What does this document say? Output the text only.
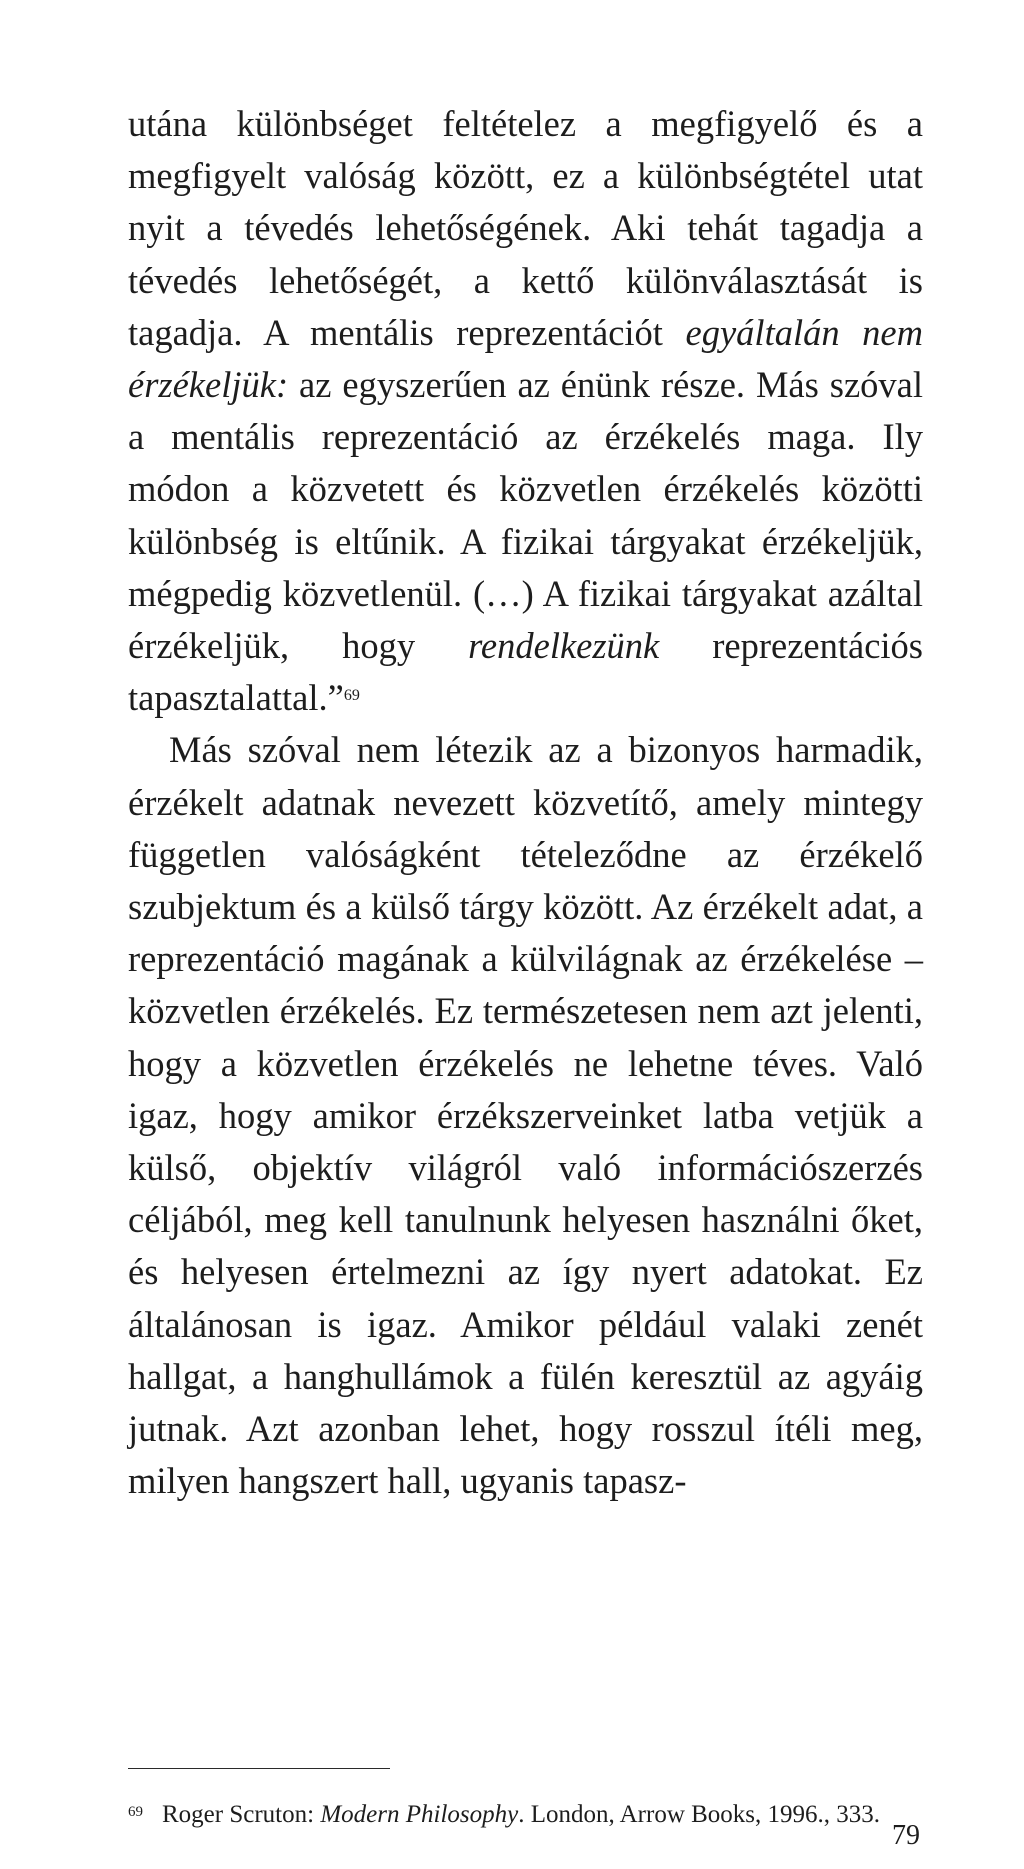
utána különbséget feltételez a megfigyelő és a megfigyelt valóság között, ez a különbségtétel utat nyit a tévedés lehetőségének. Aki tehát tagadja a tévedés lehetőségét, a kettő különválasztását is tagadja. A mentális reprezentációt egyáltalán nem érzékeljük: az egyszerűen az énünk része. Más szóval a mentális reprezentáció az érzékelés maga. Ily módon a közvetett és közvetlen érzékelés közötti különbség is eltűnik. A fizikai tárgyakat érzékeljük, mégpedig közvetlenül. (…) A fizikai tárgyakat azáltal érzékeljük, hogy rendelkezünk reprezentációs tapasztalattal.”$^{69}$

Más szóval nem létezik az a bizonyos harmadik, érzékelt adatnak nevezett közvetítő, amely mintegy független valóságként tételeződne az érzékelő szubjektum és a külső tárgy között. Az érzékelt adat, a reprezentáció magának a külvilágnak az érzékelése – közvetlen érzékelés. Ez természetesen nem azt jelenti, hogy a közvetlen érzékelés ne lehetne téves. Való igaz, hogy amikor érzékszerveinket latba vetjük a külső, objektív világról való információszerzés céljából, meg kell tanulnunk helyesen használni őket, és helyesen értelmezni az így nyert adatokat. Ez általánosan is igaz. Amikor például valaki zenét hallgat, a hanghullámok a fülén keresztül az agyáig jutnak. Azt azonban lehet, hogy rosszul ítéli meg, milyen hangszert hall, ugyanis tapasz-

69 Roger Scruton: Modern Philosophy. London, Arrow Books, 1996., 333.
79
